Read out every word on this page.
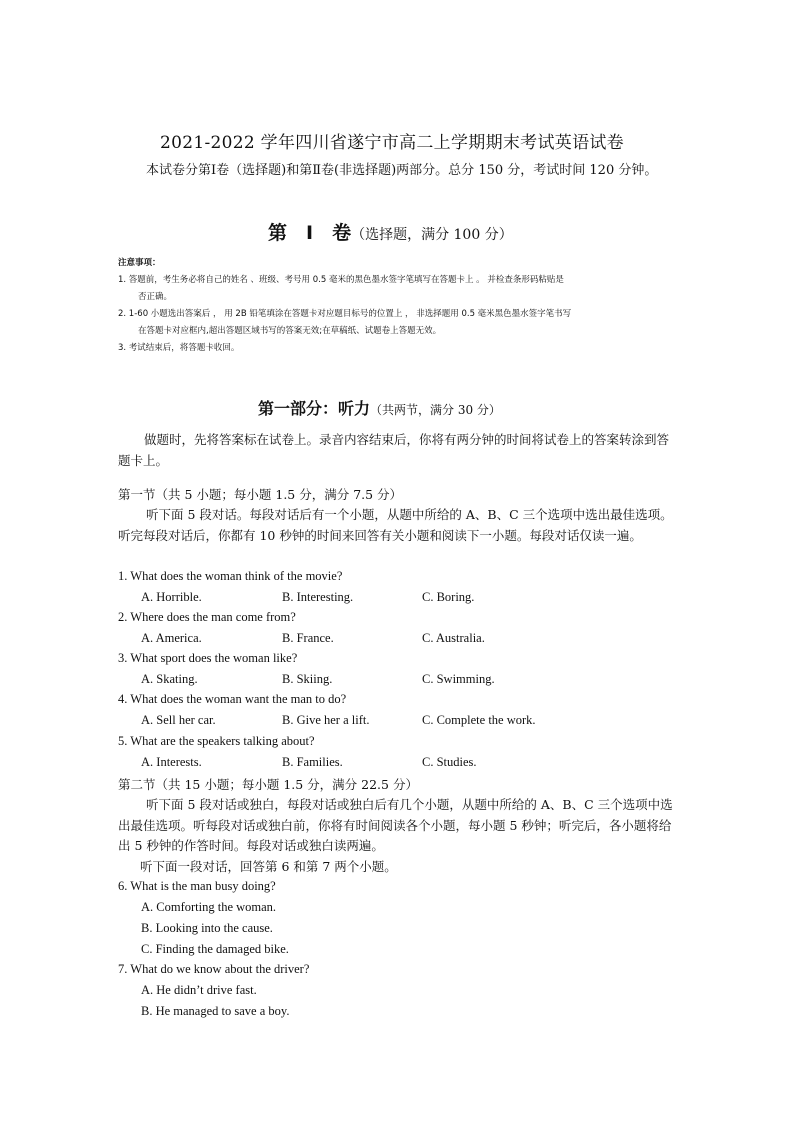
2021-2022 学年四川省遂宁市高二上学期期末考试英语试卷
本试卷分第Ⅰ卷（选择题)和第Ⅱ卷(非选择题)两部分。总分 150 分，考试时间 120 分钟。
第　Ⅰ　卷（选择题，满分 100 分）
注意事项：
1. 答题前，考生务必将自己的姓名 、班级、考号用 0.5 毫米的黑色墨水签字笔填写在答题卡上 。 并检查条形码粘贴是
否正确。
2. 1-60 小题选出答案后 ， 用 2B 铅笔填涂在答题卡对应题目标号的位置上 ， 非选择题用 0.5 毫米黑色墨水签字笔书写
在答题卡对应框内,超出答题区域书写的答案无效;在草稿纸、试题卷上答题无效。
3. 考试结束后，将答题卡收回。
第一部分：听力（共两节，满分 30 分）
做题时，先将答案标在试卷上。录音内容结束后，你将有两分钟的时间将试卷上的答案转涂到答题卡上。
第一节（共 5 小题；每小题 1.5 分，满分 7.5 分）
听下面 5 段对话。每段对话后有一个小题，从题中所给的 A、B、C 三个选项中选出最佳选项。听完每段对话后，你都有 10 秒钟的时间来回答有关小题和阅读下一小题。每段对话仅读一遍。
1. What does the woman think of the movie?
A. Horrible.	B. Interesting.	C. Boring.
2. Where does the man come from?
A. America.	B. France.	C. Australia.
3. What sport does the woman like?
A. Skating.	B. Skiing.	C. Swimming.
4. What does the woman want the man to do?
A. Sell her car.	B. Give her a lift.	C. Complete the work.
5. What are the speakers talking about?
A. Interests.	B. Families.	C. Studies.
第二节（共 15 小题；每小题 1.5 分，满分 22.5 分）
听下面 5 段对话或独白，每段对话或独白后有几个小题，从题中所给的 A、B、C 三个选项中选出最佳选项。听每段对话或独白前，你将有时间阅读各个小题，每小题 5 秒钟；听完后，各小题将给出 5 秒钟的作答时间。每段对话或独白读两遍。
听下面一段对话，回答第 6 和第 7 两个小题。
6. What is the man busy doing?
A. Comforting the woman.
B. Looking into the cause.
C. Finding the damaged bike.
7. What do we know about the driver?
A. He didn’t drive fast.
B. He managed to save a boy.
